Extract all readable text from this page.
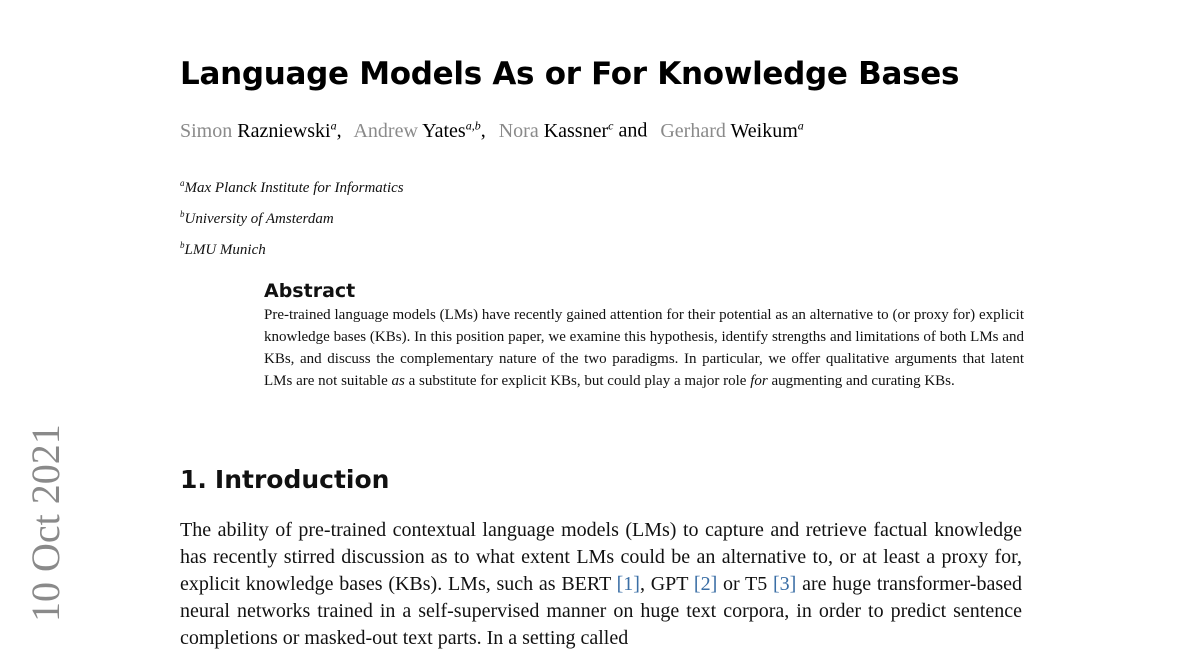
10 Oct 2021
Language Models As or For Knowledge Bases
Simon Razniewski$^a$, Andrew Yates$^{a,b}$, Nora Kassner$^c$ and Gerhard Weikum$^a$
$^a$Max Planck Institute for Informatics
$^b$University of Amsterdam
$^b$LMU Munich
Abstract

Pre-trained language models (LMs) have recently gained attention for their potential as an alternative to (or proxy for) explicit knowledge bases (KBs). In this position paper, we examine this hypothesis, identify strengths and limitations of both LMs and KBs, and discuss the complementary nature of the two paradigms. In particular, we offer qualitative arguments that latent LMs are not suitable as a substitute for explicit KBs, but could play a major role for augmenting and curating KBs.

1. Introduction

The ability of pre-trained contextual language models (LMs) to capture and retrieve factual knowledge has recently stirred discussion as to what extent LMs could be an alternative to, or at least a proxy for, explicit knowledge bases (KBs). LMs, such as BERT [1], GPT [2] or T5 [3] are huge transformer-based neural networks trained in a self-supervised manner on huge text corpora, in order to predict sentence completions or masked-out text parts. In a setting called
